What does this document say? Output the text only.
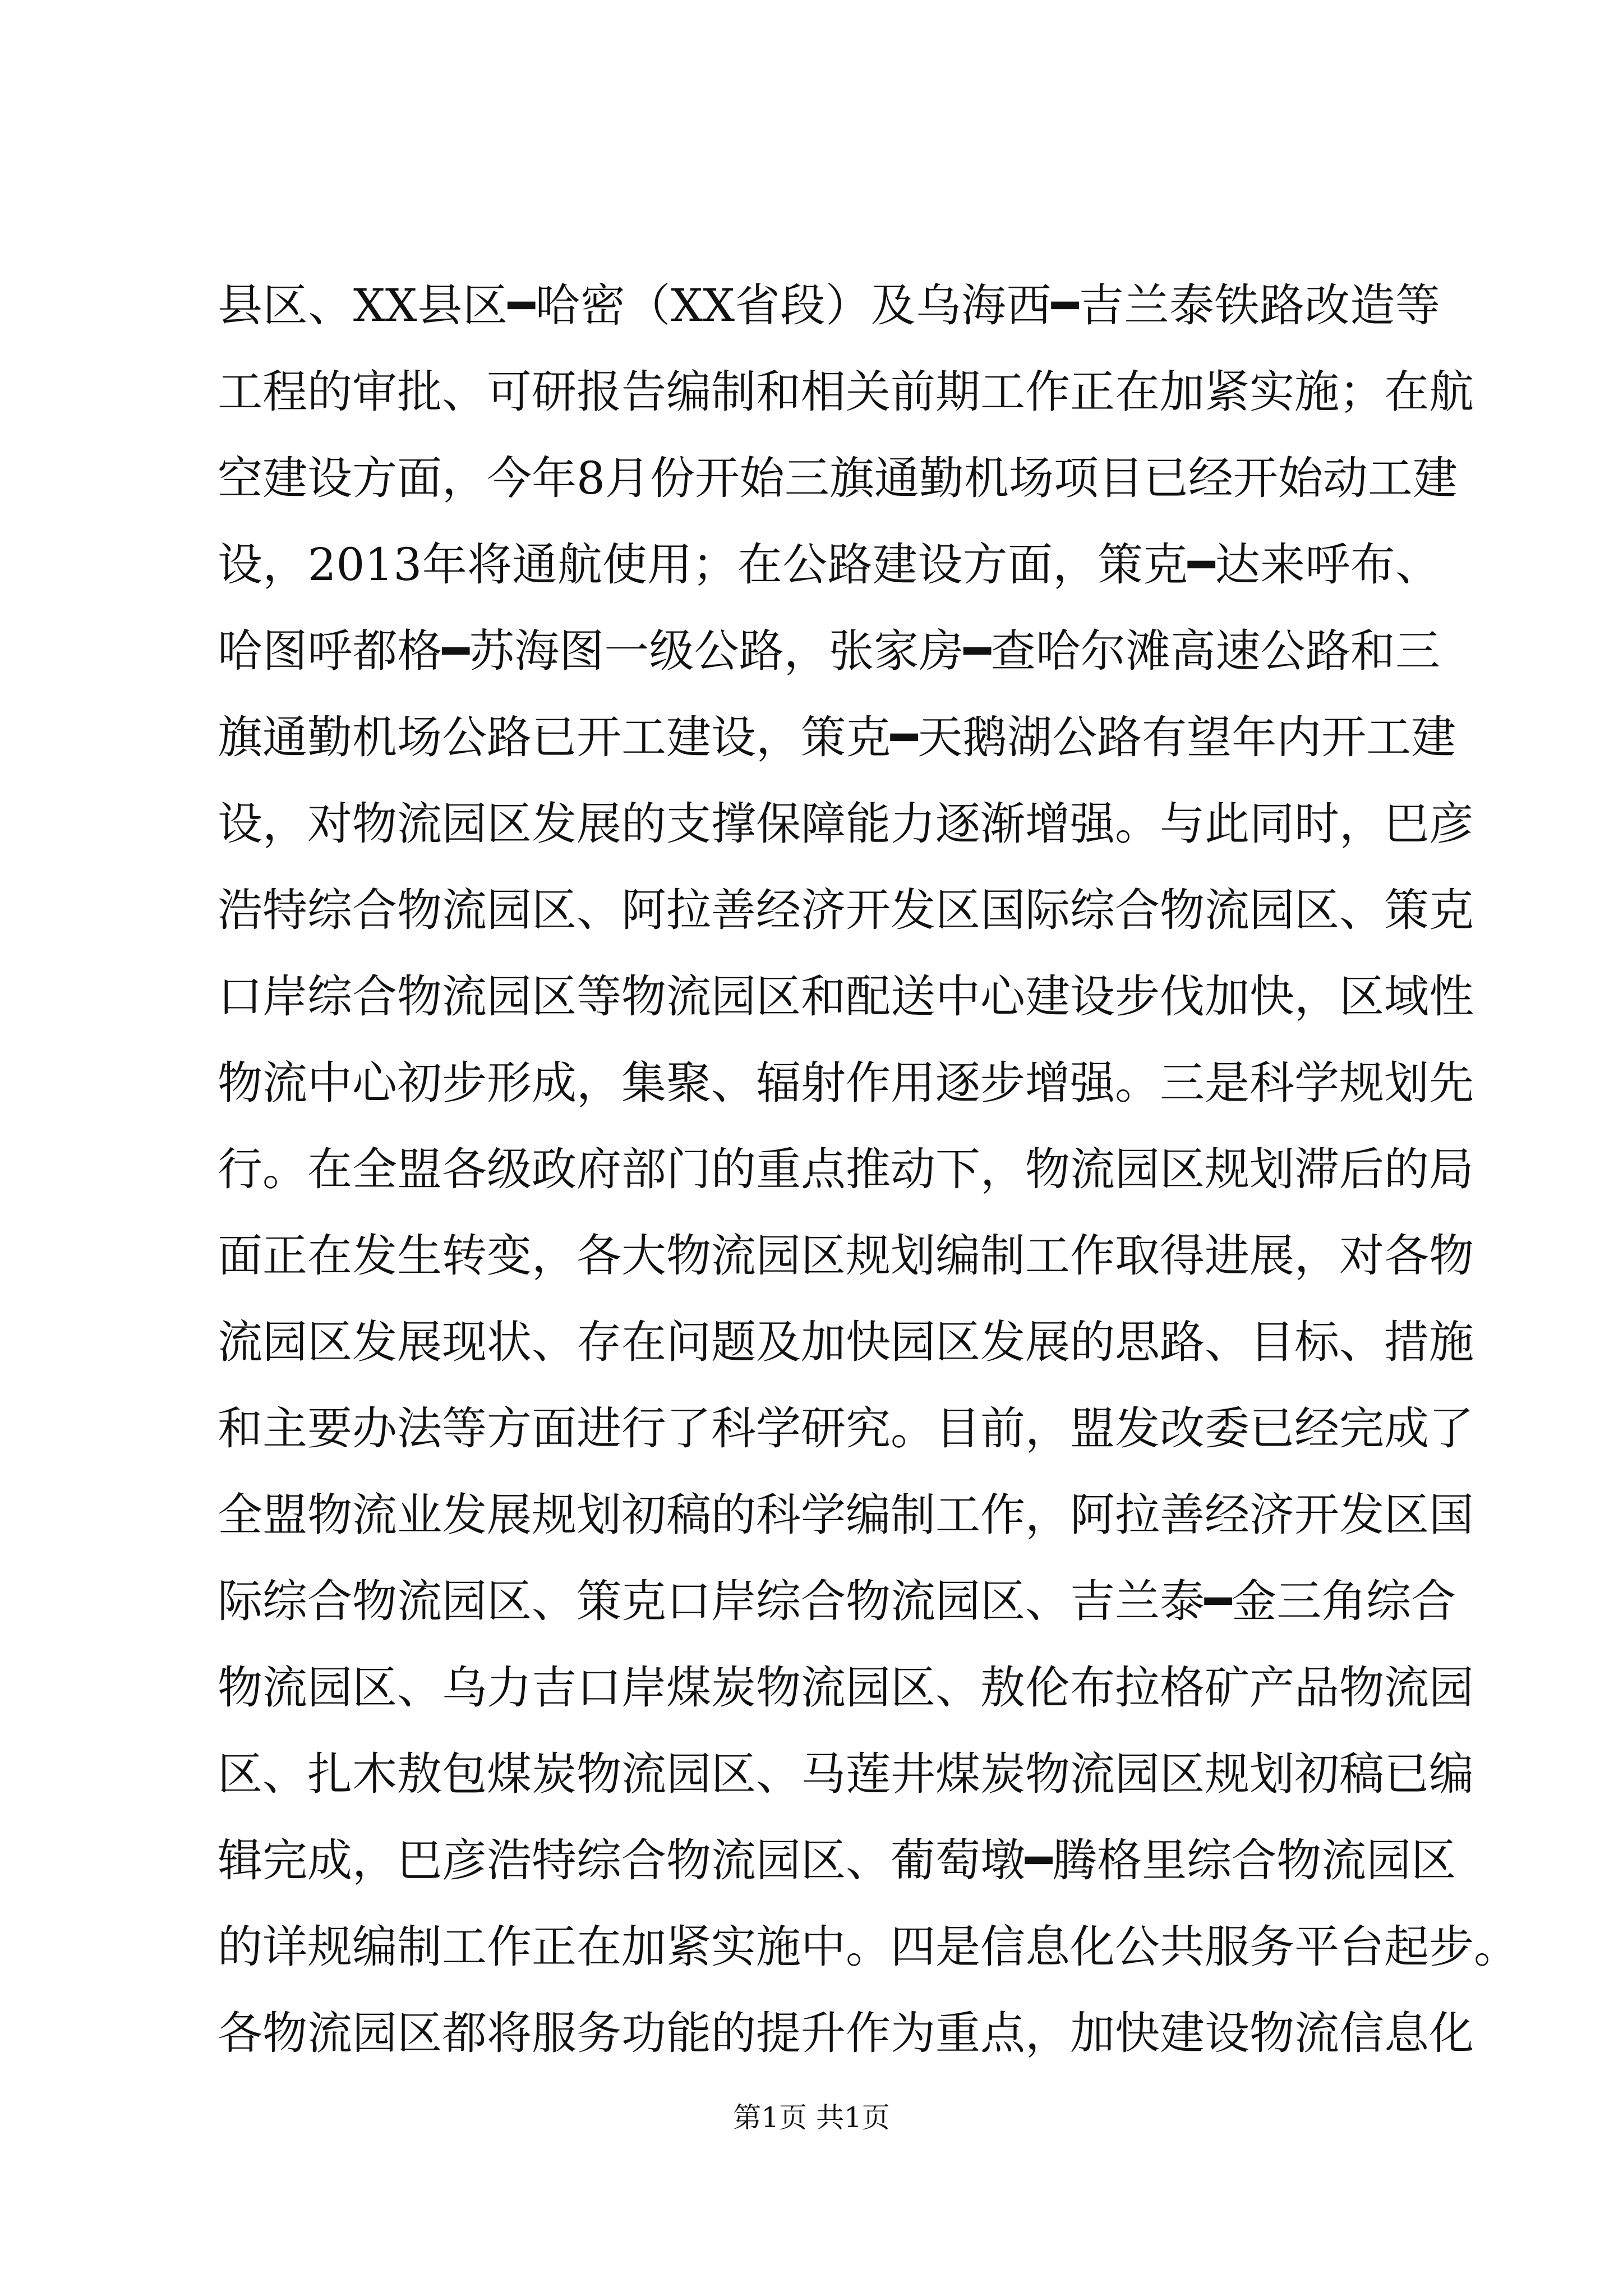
县区、XX县区━哈密（XX省段）及乌海西━吉兰泰铁路改造等
工程的审批、可研报告编制和相关前期工作正在加紧实施；在航
空建设方面，今年8月份开始三旗通勤机场项目已经开始动工建
设，2013年将通航使用；在公路建设方面，策克━达来呼布、
哈图呼都格━苏海图一级公路，张家房━查哈尔滩高速公路和三
旗通勤机场公路已开工建设，策克━天鹅湖公路有望年内开工建
设，对物流园区发展的支撑保障能力逐渐增强。与此同时，巴彦
浩特综合物流园区、阿拉善经济开发区国际综合物流园区、策克
口岸综合物流园区等物流园区和配送中心建设步伐加快，区域性
物流中心初步形成，集聚、辐射作用逐步增强。三是科学规划先
行。在全盟各级政府部门的重点推动下，物流园区规划滞后的局
面正在发生转变，各大物流园区规划编制工作取得进展，对各物
流园区发展现状、存在问题及加快园区发展的思路、目标、措施
和主要办法等方面进行了科学研究。目前，盟发改委已经完成了
全盟物流业发展规划初稿的科学编制工作，阿拉善经济开发区国
际综合物流园区、策克口岸综合物流园区、吉兰泰━金三角综合
物流园区、乌力吉口岸煤炭物流园区、敖伦布拉格矿产品物流园
区、扎木敖包煤炭物流园区、马莲井煤炭物流园区规划初稿已编
辑完成，巴彦浩特综合物流园区、葡萄墩━腾格里综合物流园区
的详规编制工作正在加紧实施中。四是信息化公共服务平台起步。
各物流园区都将服务功能的提升作为重点，加快建设物流信息化
第1页 共1页
